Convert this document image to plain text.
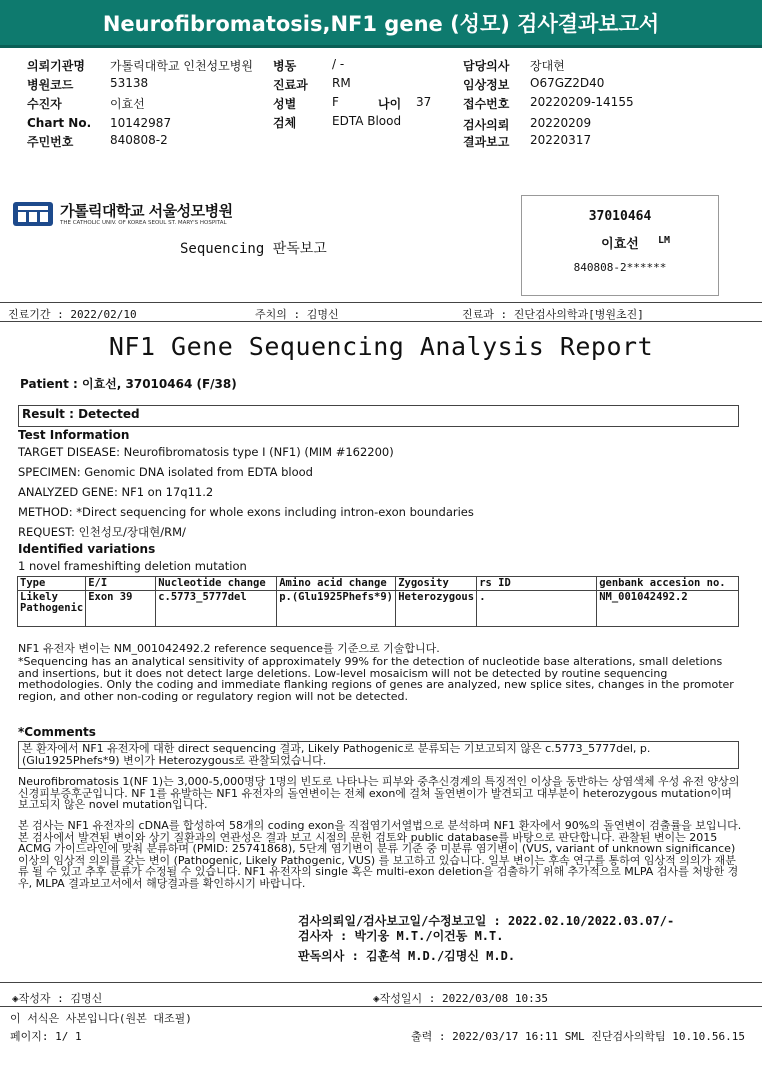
Neurofibromatosis,NF1 gene (성모) 검사결과보고서
의뢰기관명 가톨릭대학교 인천성모병원
병원코드	53138
수진자	이효선
Chart No. 10142987
주민번호	840808-2
병동	/ -
진료과 RM
성별	F	나이 37
검체	EDTA Blood
담당의사 장대현
임상정보 O67GZ2D40
접수번호 20220209-14155
검사의뢰 20220209
결과보고 20220317
가톨릭대학교 서울성모병원
THE CATHOLIC UNIV. OF KOREA SEOUL ST. MARY'S HOSPITAL
Sequencing 판독보고
37010464
이효선 LM
840808-2******
진료기간 : 2022/02/10	주치의 : 김명신	진료과 : 진단검사의학과[병원초진]
NF1 Gene Sequencing Analysis Report
Patient : 이효선, 37010464 (F/38)
Result : Detected
Test Information
TARGET DISEASE: Neurofibromatosis type I (NF1) (MIM #162200)
SPECIMEN: Genomic DNA isolated from EDTA blood
ANALYZED GENE: NF1 on 17q11.2
METHOD: *Direct sequencing for whole exons including intron-exon boundaries
REQUEST: 인천성모/장대현/RM/
Identified variations
1 novel frameshifting deletion mutation
Type	E/I	Nucleotide change	Amino acid change	Zygosity	rs ID	genbank accesion no.
Likely Pathogenic	Exon 39	c.5773_5777del	p.(Glu1925Phefs*9)	Heterozygous	.	NM_001042492.2
NF1 유전자 변이는 NM_001042492.2 reference sequence를 기준으로 기술합니다.
*Sequencing has an analytical sensitivity of approximately 99% for the detection of nucleotide base alterations, small deletions and insertions, but it does not detect large deletions. Low-level mosaicism will not be detected by routine sequencing methodologies. Only the coding and immediate flanking regions of genes are analyzed, new splice sites, changes in the promoter region, and other non-coding or regulatory region will not be detected.
*Comments
본 환자에서 NF1 유전자에 대한 direct sequencing 결과, Likely Pathogenic로 분류되는 기보고되지 않은 c.5773_5777del, p.(Glu1925Phefs*9) 변이가 Heterozygous로 관찰되었습니다.
Neurofibromatosis 1(NF 1)는 3,000-5,000명당 1명의 빈도로 나타나는 피부와 중추신경계의 특징적인 이상을 동반하는 상염색체 우성 유전 양상의 신경피부증후군입니다. NF 1를 유발하는 NF1 유전자의 돌연변이는 전체 exon에 걸쳐 돌연변이가 발견되고 대부분이 heterozygous mutation이며 보고되지 않은 novel mutation입니다.
본 검사는 NF1 유전자의 cDNA를 합성하여 58개의 coding exon을 직접염기서열법으로 분석하며 NF1 환자에서 90%의 돌연변이 검출률을 보입니다. 본 검사에서 발견된 변이와 상기 질환과의 연관성은 결과 보고 시점의 문헌 검토와 public database를 바탕으로 판단합니다. 관찰된 변이는 2015 ACMG 가이드라인에 맞춰 분류하며 (PMID: 25741868), 5단계 염기변이 분류 기준 중 미분류 염기변이 (VUS, variant of unknown significance) 이상의 임상적 의의를 갖는 변이 (Pathogenic, Likely Pathogenic, VUS) 를 보고하고 있습니다. 일부 변이는 후속 연구를 통하여 임상적 의의가 재분류 될 수 있고 추후 분류가 수정될 수 있습니다. NF1 유전자의 single 혹은 multi-exon deletion을 검출하기 위해 추가적으로 MLPA 검사를 처방한 경우, MLPA 결과보고서에서 해당결과를 확인하시기 바랍니다.
검사의뢰일/검사보고일/수정보고일 : 2022.02.10/2022.03.07/-
검사자 : 박기웅 M.T./이건동 M.T.
판독의사 : 김훈석 M.D./김명신 M.D.
◈작성자 : 김명신	◈작성일시 : 2022/03/08 10:35
이 서식은 사본입니다(원본 대조필)
페이지: 1/ 1	출력 : 2022/03/17 16:11 SML 진단검사의학팀 10.10.56.15
